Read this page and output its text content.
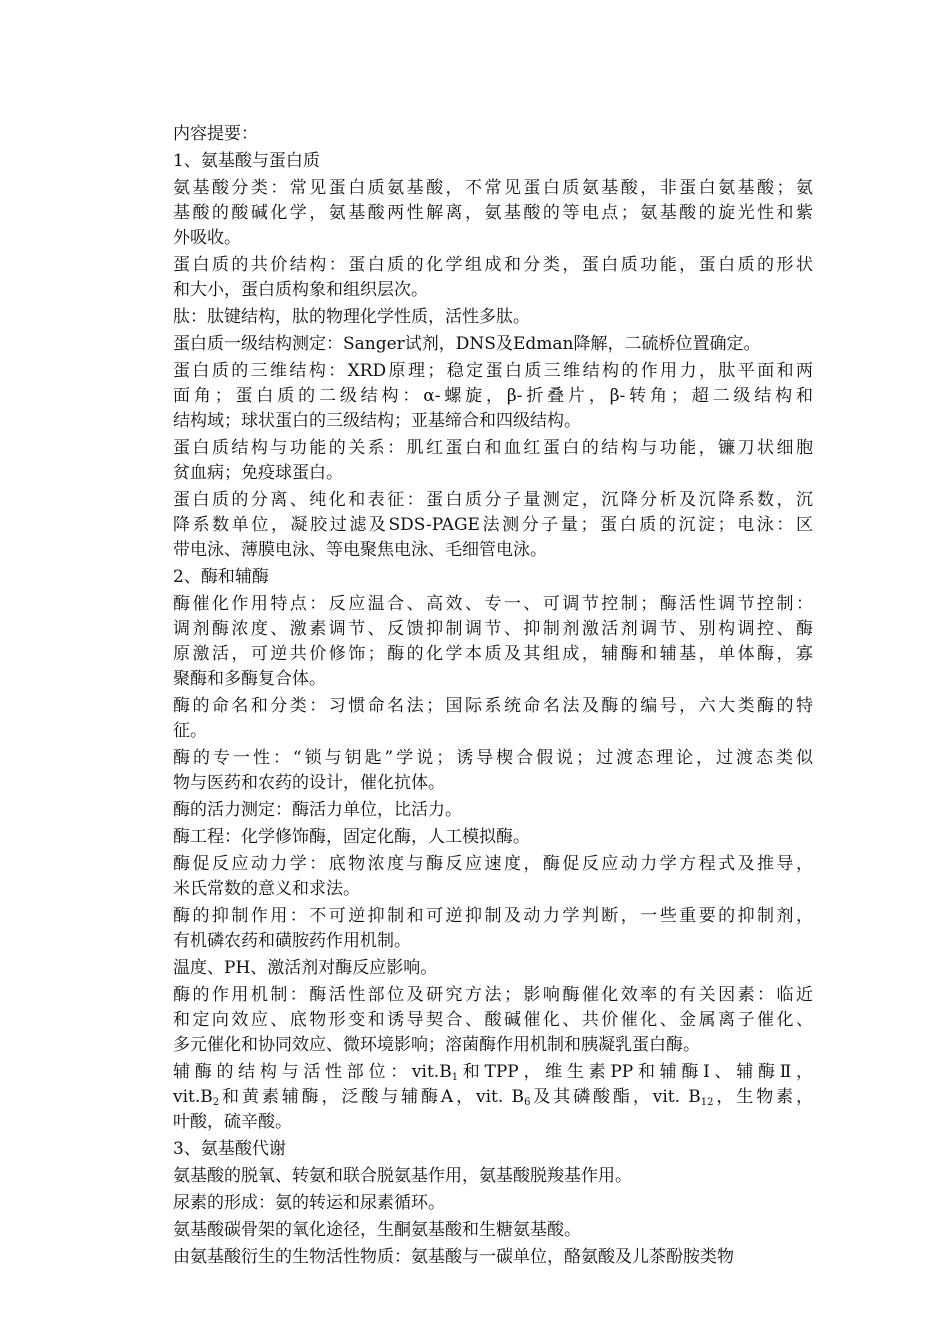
内容提要：
1、氨基酸与蛋白质
氨基酸分类：常见蛋白质氨基酸，不常见蛋白质氨基酸，非蛋白氨基酸；氨
基酸的酸碱化学，氨基酸两性解离，氨基酸的等电点；氨基酸的旋光性和紫
外吸收。
蛋白质的共价结构：蛋白质的化学组成和分类，蛋白质功能，蛋白质的形状
和大小，蛋白质构象和组织层次。
肽：肽键结构，肽的物理化学性质，活性多肽。
蛋白质一级结构测定：Sanger试剂，DNS及Edman降解，二硫桥位置确定。
蛋白质的三维结构：XRD原理；稳定蛋白质三维结构的作用力，肽平面和两
面角；蛋白质的二级结构：α-螺旋，β-折叠片，β-转角；超二级结构和
结构域；球状蛋白的三级结构；亚基缔合和四级结构。
蛋白质结构与功能的关系：肌红蛋白和血红蛋白的结构与功能，镰刀状细胞
贫血病；免疫球蛋白。
蛋白质的分离、纯化和表征：蛋白质分子量测定，沉降分析及沉降系数，沉
降系数单位，凝胶过滤及SDS-PAGE法测分子量；蛋白质的沉淀；电泳：区
带电泳、薄膜电泳、等电聚焦电泳、毛细管电泳。
2、酶和辅酶
酶催化作用特点：反应温合、高效、专一、可调节控制；酶活性调节控制：
调剂酶浓度、激素调节、反馈抑制调节、抑制剂激活剂调节、别构调控、酶
原激活，可逆共价修饰；酶的化学本质及其组成，辅酶和辅基，单体酶，寡
聚酶和多酶复合体。
酶的命名和分类：习惯命名法；国际系统命名法及酶的编号，六大类酶的特
征。
酶的专一性：“锁与钥匙”学说；诱导楔合假说；过渡态理论，过渡态类似
物与医药和农药的设计，催化抗体。
酶的活力测定：酶活力单位，比活力。
酶工程：化学修饰酶，固定化酶，人工模拟酶。
酶促反应动力学：底物浓度与酶反应速度，酶促反应动力学方程式及推导，
米氏常数的意义和求法。
酶的抑制作用：不可逆抑制和可逆抑制及动力学判断，一些重要的抑制剂，
有机磷农药和磺胺药作用机制。
温度、PH、激活剂对酶反应影响。
酶的作用机制：酶活性部位及研究方法；影响酶催化效率的有关因素：临近
和定向效应、底物形变和诱导契合、酸碱催化、共价催化、金属离子催化、
多元催化和协同效应、微环境影响；溶菌酶作用机制和胰凝乳蛋白酶。
辅酶的结构与活性部位：$vit.B_1$和TPP，维生素PP和辅酶Ⅰ、辅酶Ⅱ，
$vit.B_2$和黄素辅酶，泛酸与辅酶A，vit. $B_6$及其磷酸酯，vit. $B_{12}$，生物素，
叶酸，硫辛酸。
3、氨基酸代谢
氨基酸的脱氧、转氨和联合脱氨基作用，氨基酸脱羧基作用。
尿素的形成：氨的转运和尿素循环。
氨基酸碳骨架的氧化途径，生酮氨基酸和生糖氨基酸。
由氨基酸衍生的生物活性物质：氨基酸与一碳单位，酪氨酸及儿茶酚胺类物
